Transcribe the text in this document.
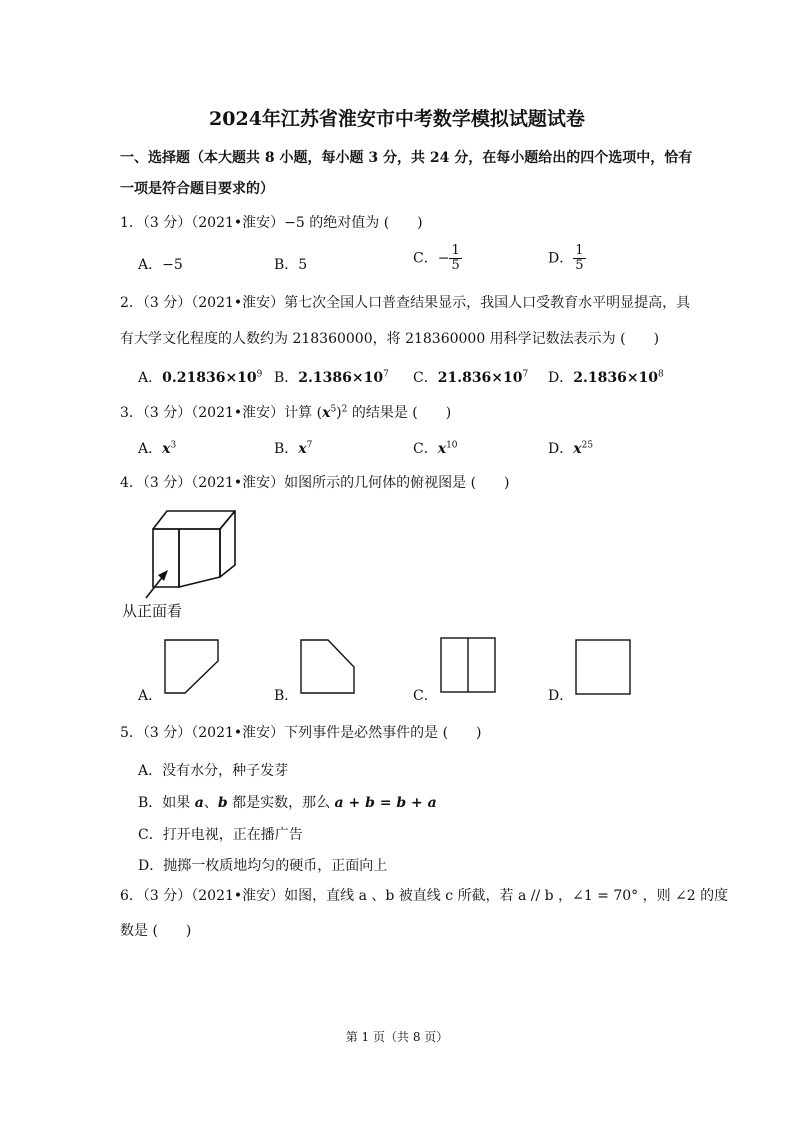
2024年江苏省淮安市中考数学模拟试题试卷
一、选择题（本大题共 8 小题，每小题 3 分，共 24 分，在每小题给出的四个选项中，恰有
一项是符合题目要求的）
1．（3 分）（2021•淮安）−5 的绝对值为 (　　)
A．−5	B．5	C．− $\frac{1}{5}$	D． $\frac{1}{5}$
2．（3 分）（2021•淮安）第七次全国人口普查结果显示，我国人口受教育水平明显提高，具
有大学文化程度的人数约为 218360000，将 218360000 用科学记数法表示为 (　　)
A．$0.21836\times 10^9$ B．$2.1386\times 10^7$ C．$21.836\times 10^7$ D．$2.1836\times 10^8$
3．（3 分）（2021•淮安）计算 $(x^5)^2$ 的结果是 (　　)
A．$x^3$	B．$x^7$	C．$x^{10}$	D．$x^{25}$
4．（3 分）（2021•淮安）如图所示的几何体的俯视图是 (　　)
从正面看
A．	B．	C．	D．
5．（3 分）（2021•淮安）下列事件是必然事件的是 (　　)
A．没有水分，种子发芽
B．如果 a、b 都是实数，那么 a + b = b + a
C．打开电视，正在播广告
D．抛掷一枚质地均匀的硬币，正面向上
6．（3 分）（2021•淮安）如图，直线 a 、b 被直线 c 所截，若 a // b ，∠1 = 70° ，则 ∠2 的度
数是 (　　)
第 1 页（共 8 页）
